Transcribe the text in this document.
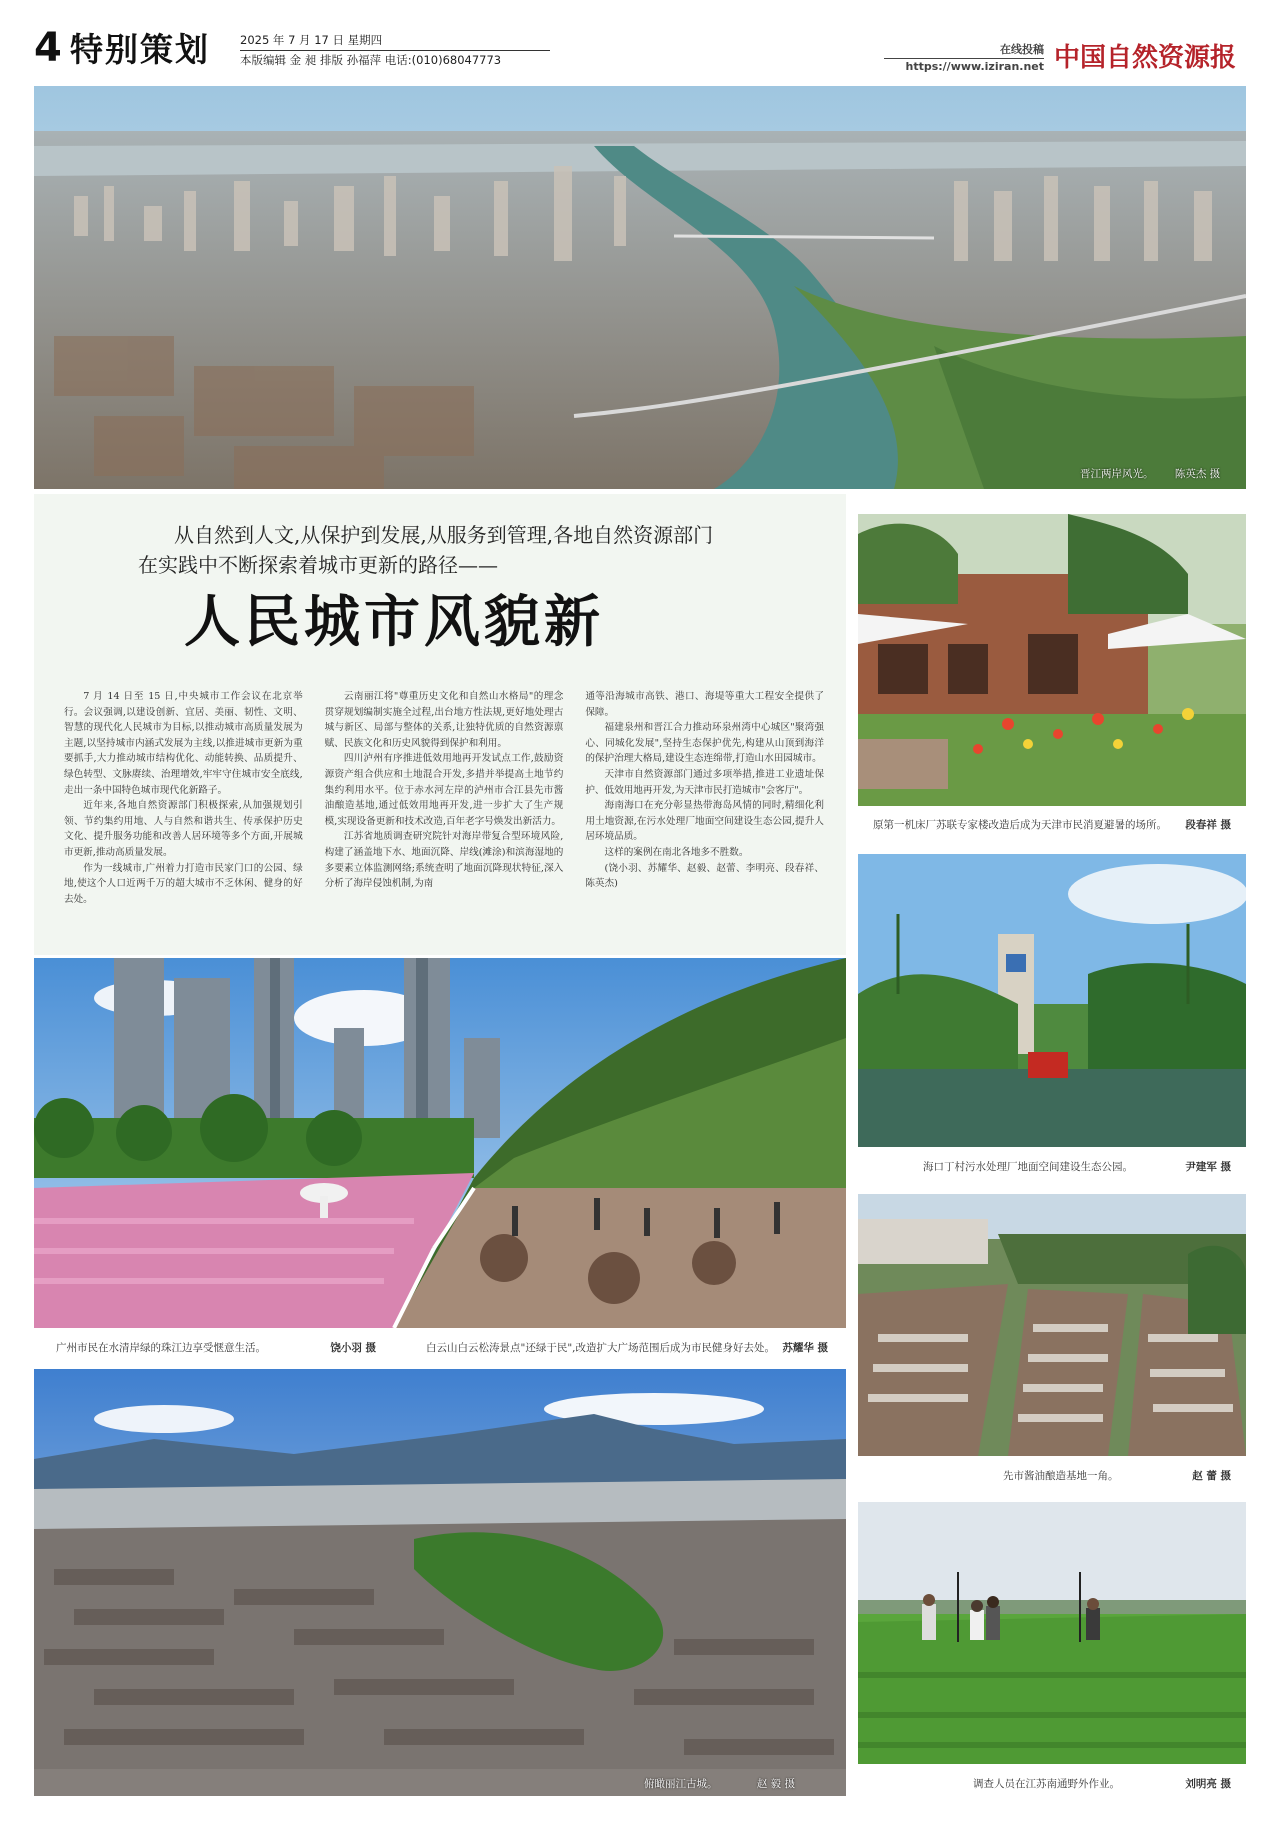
4 特别策划	2025 年 7 月 17 日 星期四
本版编辑 金 昶 排版 孙福萍 电话:(010)68047773
在线投稿
https://www.iziran.net 中国自然资源报
晋江两岸风光。 陈英杰 摄
从自然到人文,从保护到发展,从服务到管理,各地自然资源部门
在实践中不断探索着城市更新的路径——
人民城市风貌新

7 月 14 日至 15 日,中央城市工作会议在北京举行。会议强调,以建设创新、宜居、美丽、韧性、文明、智慧的现代化人民城市为目标,以推动城市高质量发展为主题,以坚持城市内涵式发展为主线,以推进城市更新为重要抓手,大力推动城市结构优化、动能转换、品质提升、绿色转型、文脉赓续、治理增效,牢牢守住城市安全底线,走出一条中国特色城市现代化新路子。

近年来,各地自然资源部门积极探索,从加强规划引领、节约集约用地、人与自然和谐共生、传承保护历史文化、提升服务功能和改善人居环境等多个方面,开展城市更新,推动高质量发展。

作为一线城市,广州着力打造市民家门口的公园、绿地,使这个人口近两千万的超大城市不乏休闲、健身的好去处。

云南丽江将"尊重历史文化和自然山水格局"的理念贯穿规划编制实施全过程,出台地方性法规,更好地处理古城与新区、局部与整体的关系,让独特优质的自然资源禀赋、民族文化和历史风貌得到保护和利用。

四川泸州有序推进低效用地再开发试点工作,鼓励资源资产组合供应和土地混合开发,多措并举提高土地节约集约利用水平。位于赤水河左岸的泸州市合江县先市酱油酿造基地,通过低效用地再开发,进一步扩大了生产规模,实现设备更新和技术改造,百年老字号焕发出新活力。

江苏省地质调查研究院针对海岸带复合型环境风险,构建了涵盖地下水、地面沉降、岸线(滩涂)和滨海湿地的多要素立体监测网络;系统查明了地面沉降现状特征,深入分析了海岸侵蚀机制,为南

通等沿海城市高铁、港口、海堤等重大工程安全提供了保障。

福建泉州和晋江合力推动环泉州湾中心城区"聚湾强心、同城化发展",坚持生态保护优先,构建从山顶到海洋的保护治理大格局,建设生态连绵带,打造山水田园城市。

天津市自然资源部门通过多项举措,推进工业遗址保护、低效用地再开发,为天津市民打造城市"会客厅"。

海南海口在充分彰显热带海岛风情的同时,精细化利用土地资源,在污水处理厂地面空间建设生态公园,提升人居环境品质。

这样的案例在南北各地多不胜数。

(饶小羽、苏耀华、赵毅、赵蕾、李明亮、段春祥、陈英杰)

原第一机床厂苏联专家楼改造后成为天津市民消夏避暑的场所。 段春祥 摄
海口丁村污水处理厂地面空间建设生态公园。	尹建军 摄
先市酱油酿造基地一角。	赵 蕾 摄
调查人员在江苏南通野外作业。	刘明亮 摄
广州市民在水清岸绿的珠江边享受惬意生活。	饶小羽 摄	白云山白云松涛景点"还绿于民",改造扩大广场范围后成为市民健身好去处。 苏耀华 摄
俯瞰丽江古城。	赵 毅 摄
